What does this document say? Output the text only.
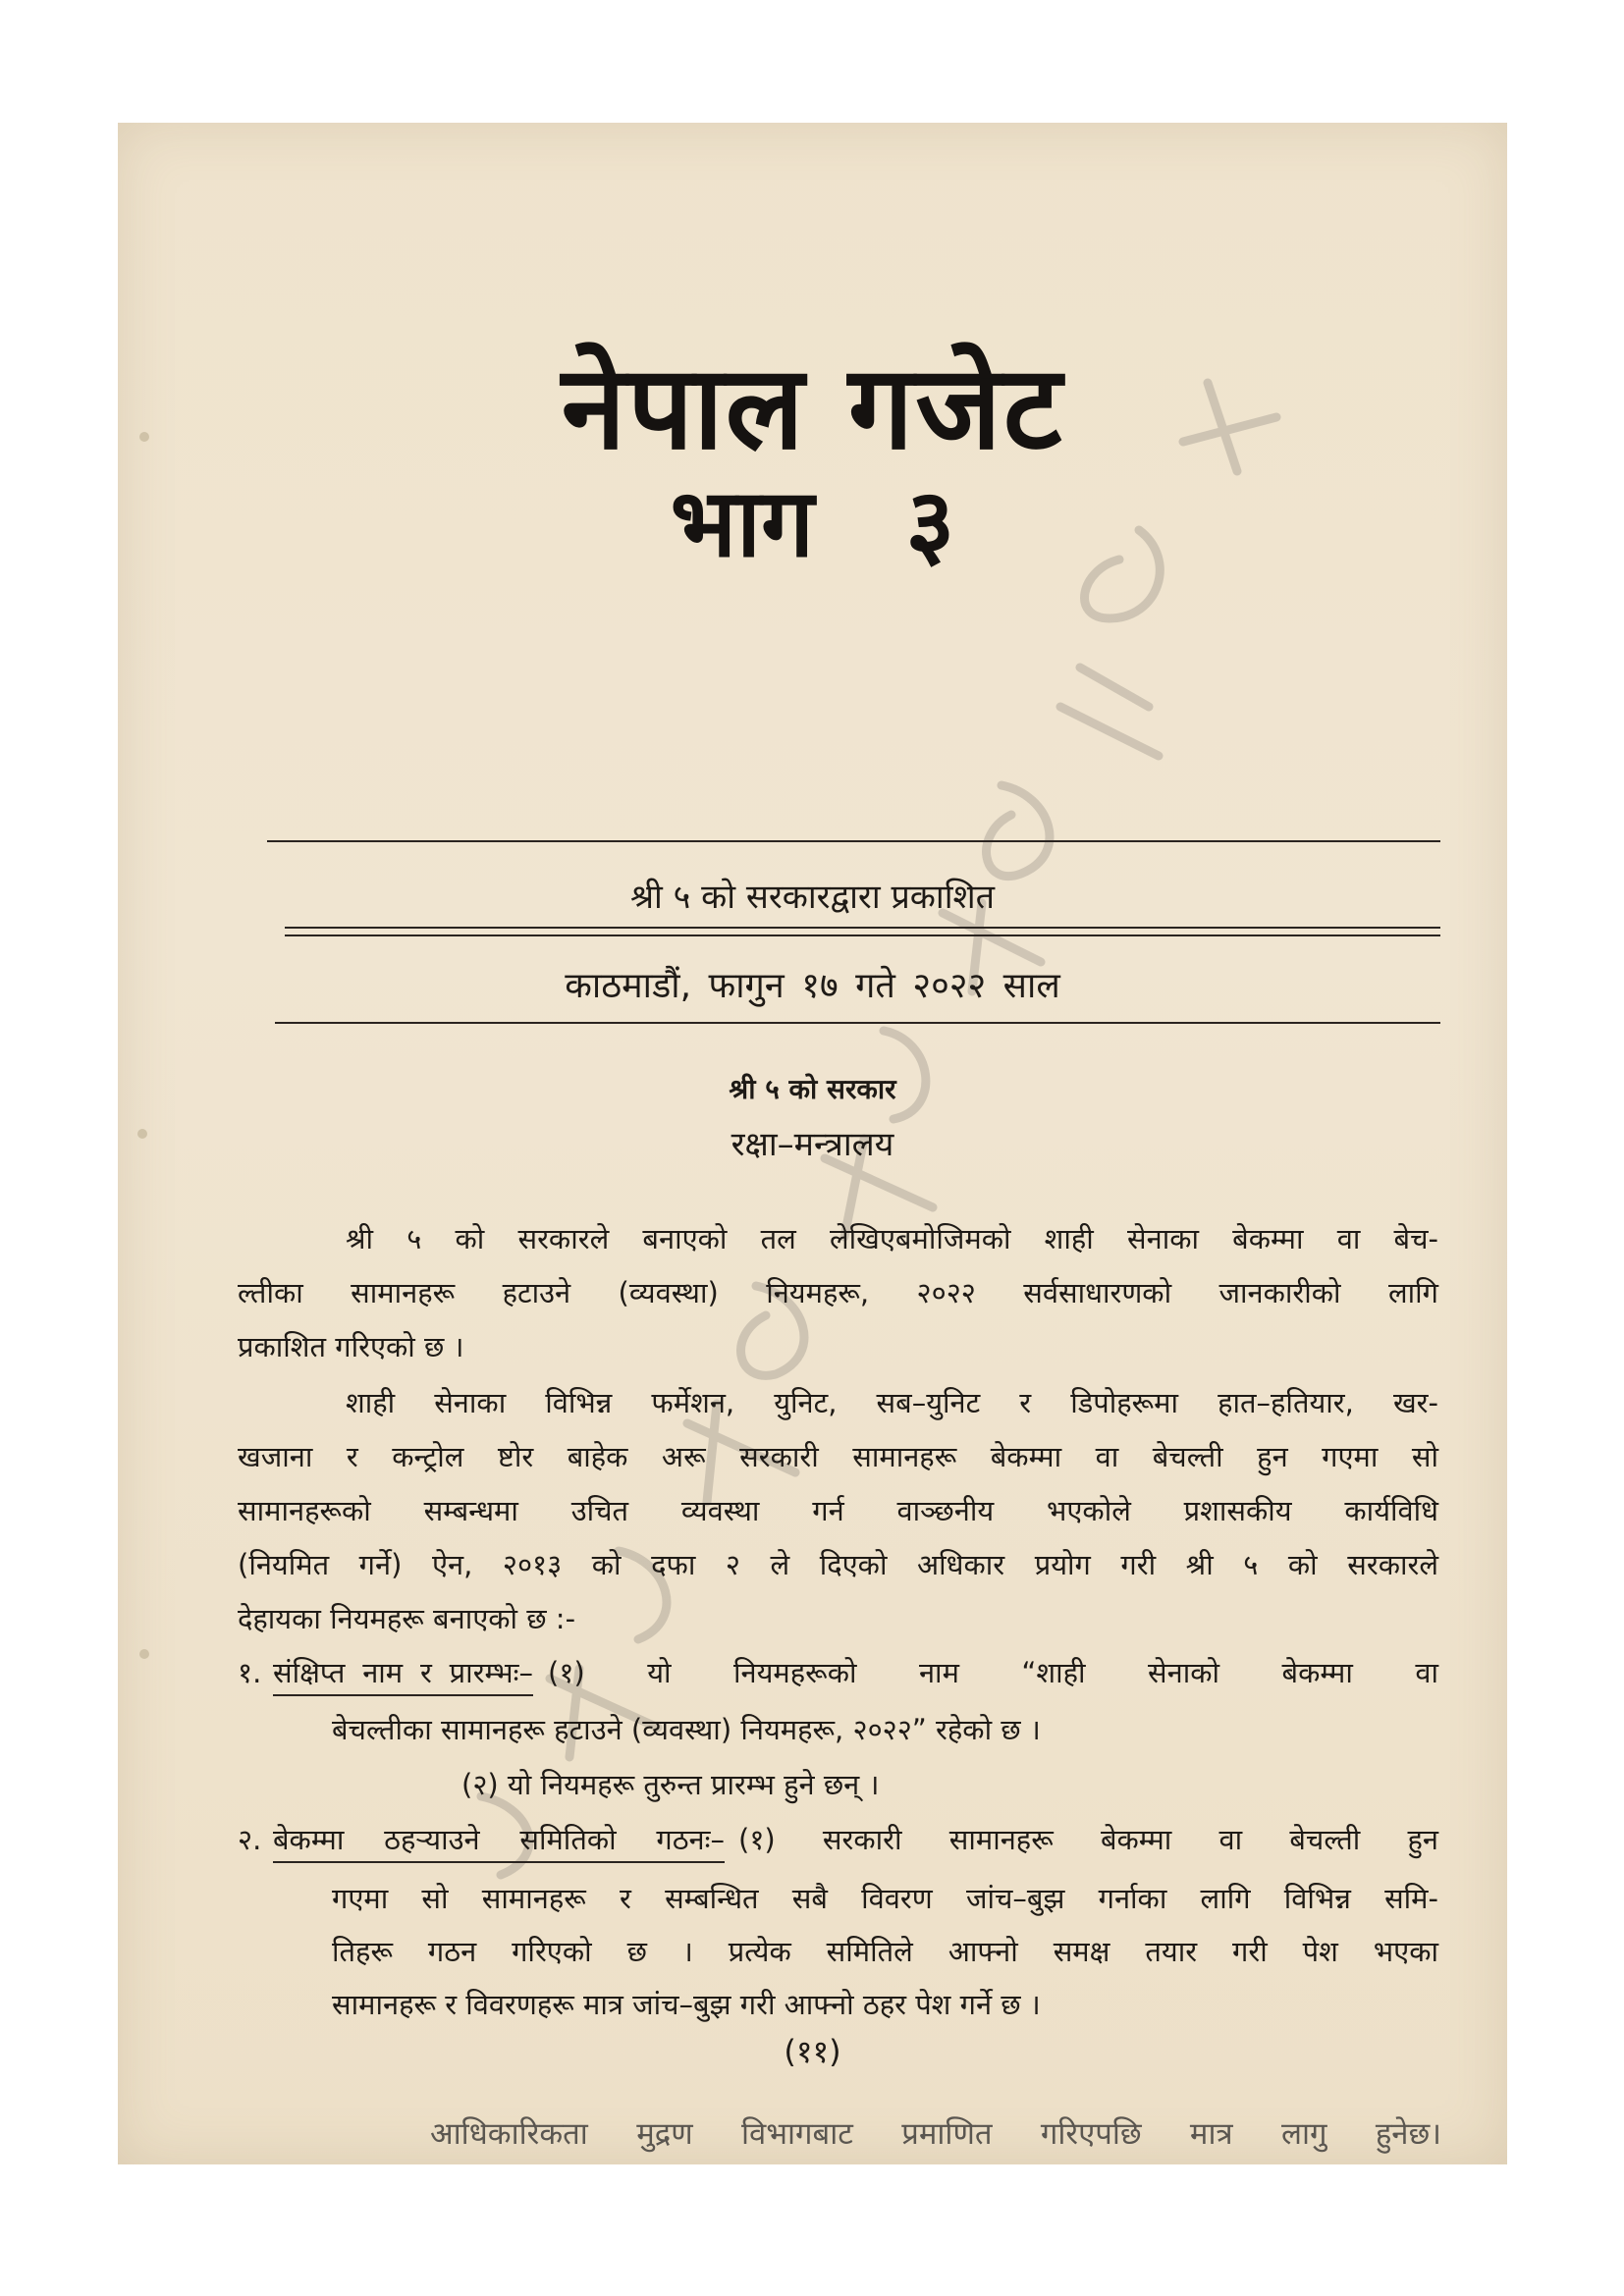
नेपाल गजेट
भाग ३
श्री ५ को सरकारद्वारा प्रकाशित
काठमाडौं, फागुन १७ गते २०२२ साल
श्री ५ को सरकार
रक्षा–मन्त्रालय
श्री ५ को सरकारले बनाएको तल लेखिएबमोजिमको शाही सेनाका बेकम्मा वा बेच-
ल्तीका सामानहरू हटाउने (व्यवस्था) नियमहरू, २०२२ सर्वसाधारणको जानकारीको लागि
प्रकाशित गरिएको छ ।
शाही सेनाका विभिन्न फर्मेशन, युनिट, सब–युनिट र डिपोहरूमा हात–हतियार, खर-
खजाना र कन्ट्रोल ष्टोर बाहेक अरू सरकारी सामानहरू बेकम्मा वा बेचल्ती हुन गएमा सो
सामानहरूको सम्बन्धमा उचित व्यवस्था गर्न वाञ्छनीय भएकोले प्रशासकीय कार्यविधि
(नियमित गर्ने) ऐन, २०१३ को दफा २ ले दिएको अधिकार प्रयोग गरी श्री ५ को सरकारले
देहायका नियमहरू बनाएको छ :-
१. संक्षिप्त नाम र प्रारम्भः– (१) यो नियमहरूको नाम “शाही सेनाको बेकम्मा वा
बेचल्तीका सामानहरू हटाउने (व्यवस्था) नियमहरू, २०२२” रहेको छ ।
(२) यो नियमहरू तुरुन्त प्रारम्भ हुने छन् ।
२. बेकम्मा ठहऱ्याउने समितिको गठनः– (१) सरकारी सामानहरू बेकम्मा वा बेचल्ती हुन
गएमा सो सामानहरू र सम्बन्धित सबै विवरण जांच–बुझ गर्नाका लागि विभिन्न समि-
तिहरू गठन गरिएको छ । प्रत्येक समितिले आफ्नो समक्ष तयार गरी पेश भएका
सामानहरू र विवरणहरू मात्र जांच–बुझ गरी आफ्नो ठहर पेश गर्ने छ ।
(११)
आधिकारिकता मुद्रण विभागबाट प्रमाणित गरिएपछि मात्र लागु हुनेछ।
